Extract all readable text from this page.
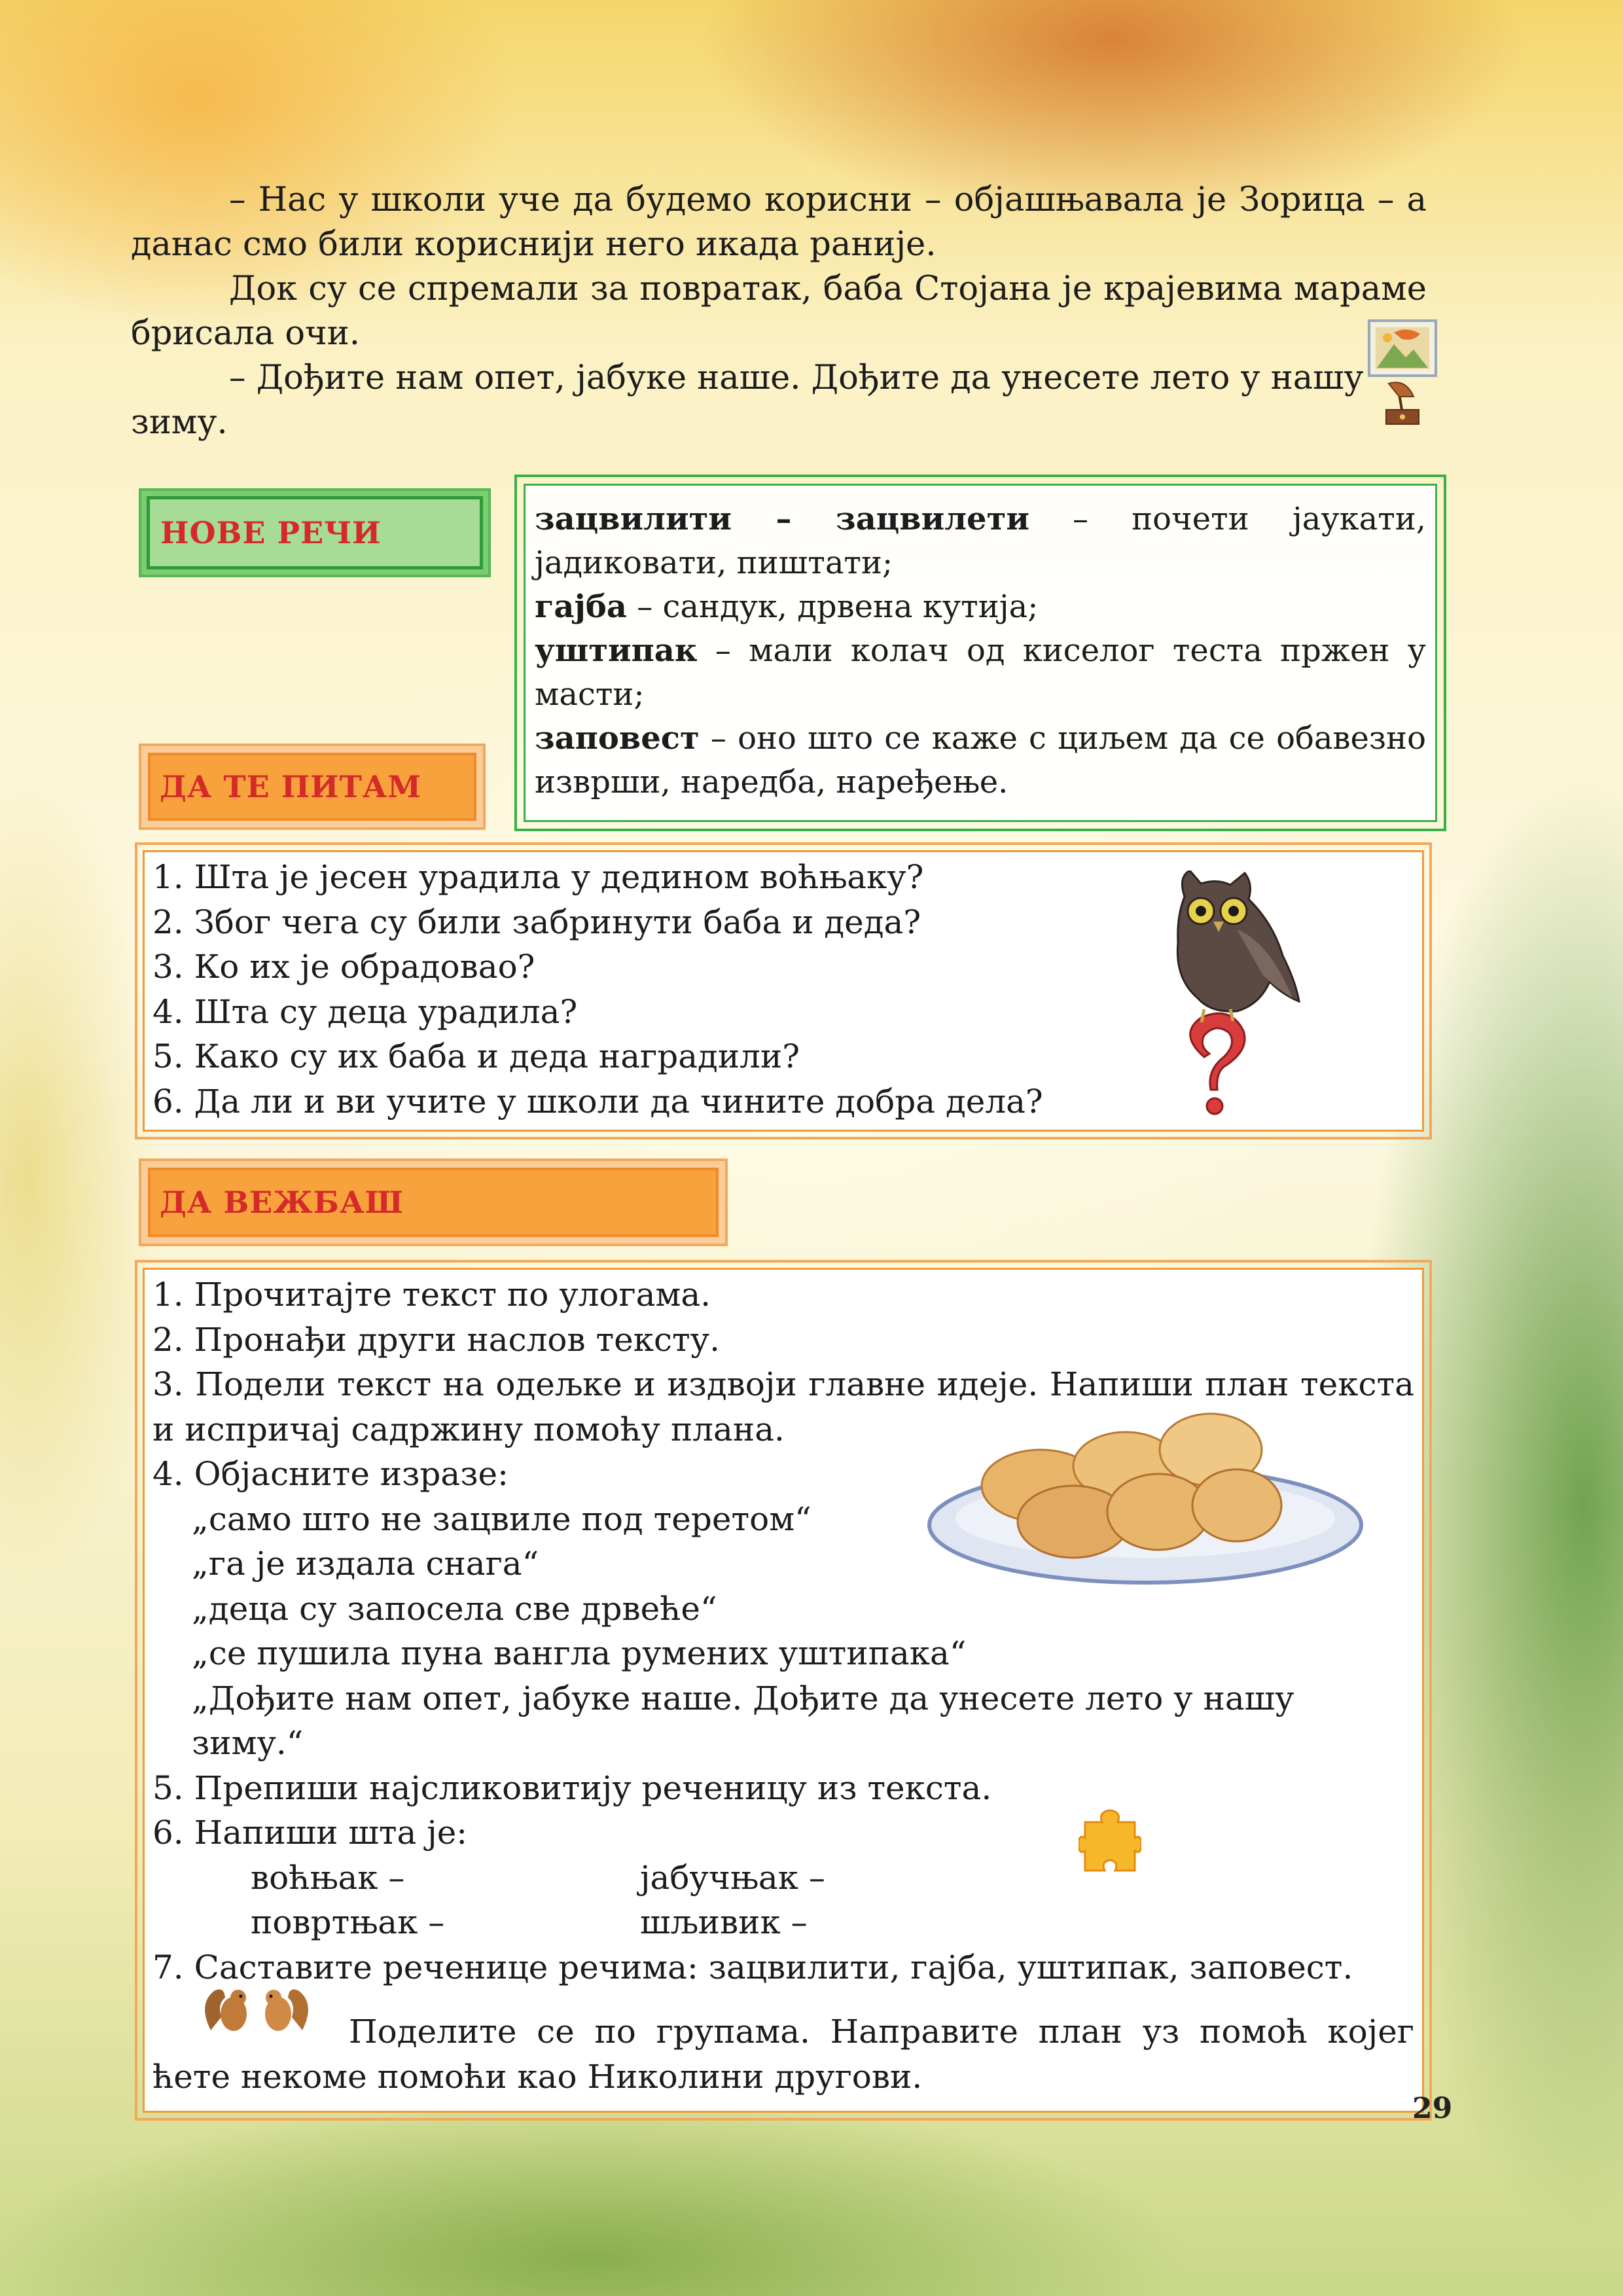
– Нас у школи уче да будемо корисни – објашњавала је Зорица – а данас смо били кориснији него икада раније.

Док су се спремали за повратак, баба Стојана је крајевима мараме брисала очи.

– Дођите нам опет, јабуке наше. Дођите да унесете лето у нашу зиму.

НОВЕ РЕЧИ	зацвилити – зацвилети – почети јаукати, јадиковати, пиштати;

гајба – сандук, дрвена кутија;

уштипак – мали колач од киселог теста пржен у масти;

заповест – оно што се каже с циљем да се обавезно изврши, наредба, наређење.

ДА ТЕ ПИТАМ

1. Шта је јесен урадила у дедином воћњаку?

2. Због чега су били забринути баба и деда?

3. Ко их је обрадовао?

4. Шта су деца урадила?

5. Како су их баба и деда наградили?

6. Да ли и ви учите у школи да чините добра дела?

ДА ВЕЖБАШ

1. Прочитајте текст по улогама.

2. Пронађи други наслов тексту.

3. Подели текст на одељке и издвоји главне идеје. Напиши план текста и испричај садржину помоћу плана.

4. Објасните изразе:

„само што не зацвиле под теретом“

„га је издала снага“

„деца су запосела све дрвеће“

„се пушила пуна вангла румених уштипака“

„Дођите нам опет, јабуке наше. Дођите да унесете лето у нашу зиму.“

5. Препиши најсликовитију реченицу из текста.

6. Напиши шта је:

воћњак –	јабучњак –

повртњак –	шљивик –

7. Саставите реченице речима: зацвилити, гајба, уштипак, заповест.

Поделите се по групама. Направите план уз помоћ којег ћете некоме помоћи као Николини другови.

29
